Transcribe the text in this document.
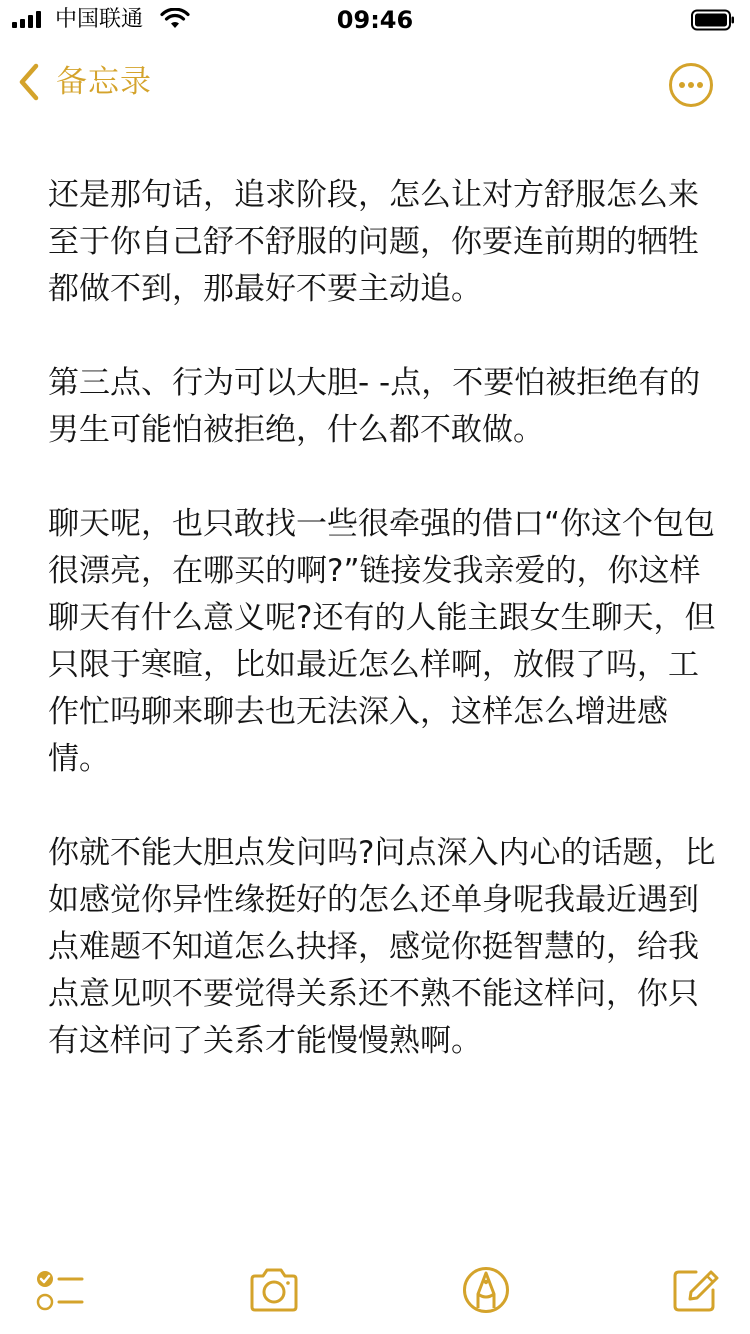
中国联通	09:46
备忘录

还是那句话，追求阶段，怎么让对方舒服怎么来至于你自己舒不舒服的问题，你要连前期的牺牲都做不到，那最好不要主动追。

第三点、行为可以大胆- -点，不要怕被拒绝有的男生可能怕被拒绝，什么都不敢做。

聊天呢，也只敢找一些很牵强的借口“你这个包包很漂亮，在哪买的啊?”链接发我亲爱的，你这样聊天有什么意义呢?还有的人能主跟女生聊天，但只限于寒暄，比如最近怎么样啊，放假了吗，工作忙吗聊来聊去也无法深入，这样怎么增进感情。

你就不能大胆点发问吗?问点深入内心的话题，比如感觉你异性缘挺好的怎么还单身呢我最近遇到点难题不知道怎么抉择，感觉你挺智慧的，给我点意见呗不要觉得关系还不熟不能这样问，你只有这样问了关系才能慢慢熟啊。
